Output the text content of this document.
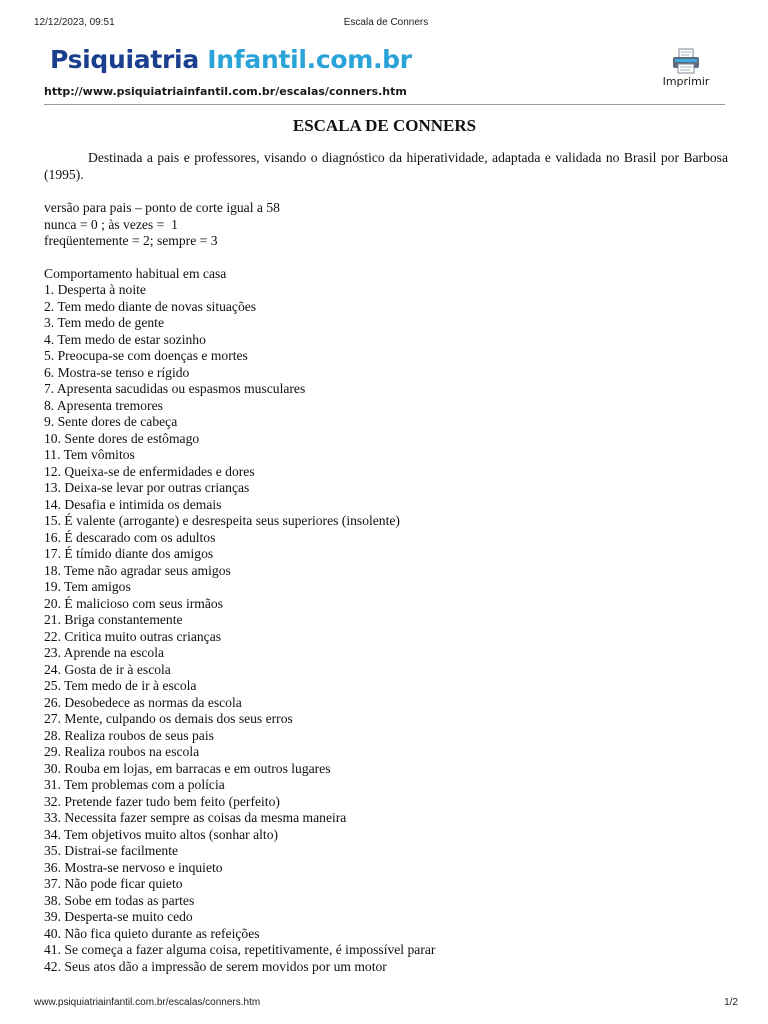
12/12/2023, 09:51	Escala de Conners
Psiquiatria Infantil.com.br
http://www.psiquiatriainfantil.com.br/escalas/conners.htm
Imprimir
ESCALA DE CONNERS

Destinada a pais e professores, visando o diagnóstico da hiperatividade, adaptada e validada no Brasil por Barbosa (1995).

versão para pais – ponto de corte igual a 58
nunca = 0 ; às vezes =  1
freqüentemente = 2; sempre = 3
Comportamento habitual em casa
1. Desperta à noite
2. Tem medo diante de novas situações
3. Tem medo de gente
4. Tem medo de estar sozinho
5. Preocupa-se com doenças e mortes
6. Mostra-se tenso e rígido
7. Apresenta sacudidas ou espasmos musculares
8. Apresenta tremores
9. Sente dores de cabeça
10. Sente dores de estômago
11. Tem vômitos
12. Queixa-se de enfermidades e dores
13. Deixa-se levar por outras crianças
14. Desafia e intimida os demais
15. É valente (arrogante) e desrespeita seus superiores (insolente)
16. É descarado com os adultos
17. É tímido diante dos amigos
18. Teme não agradar seus amigos
19. Tem amigos
20. É malicioso com seus irmãos
21. Briga constantemente
22. Critica muito outras crianças
23. Aprende na escola
24. Gosta de ir à escola
25. Tem medo de ir à escola
26. Desobedece as normas da escola
27. Mente, culpando os demais dos seus erros
28. Realiza roubos de seus pais
29. Realiza roubos na escola
30. Rouba em lojas, em barracas e em outros lugares
31. Tem problemas com a polícia
32. Pretende fazer tudo bem feito (perfeito)
33. Necessita fazer sempre as coisas da mesma maneira
34. Tem objetivos muito altos (sonhar alto)
35. Distrai-se facilmente
36. Mostra-se nervoso e inquieto
37. Não pode ficar quieto
38. Sobe em todas as partes
39. Desperta-se muito cedo
40. Não fica quieto durante as refeições
41. Se começa a fazer alguma coisa, repetitivamente, é impossível parar
42. Seus atos dão a impressão de serem movidos por um motor
www.psiquiatriainfantil.com.br/escalas/conners.htm	1/2
